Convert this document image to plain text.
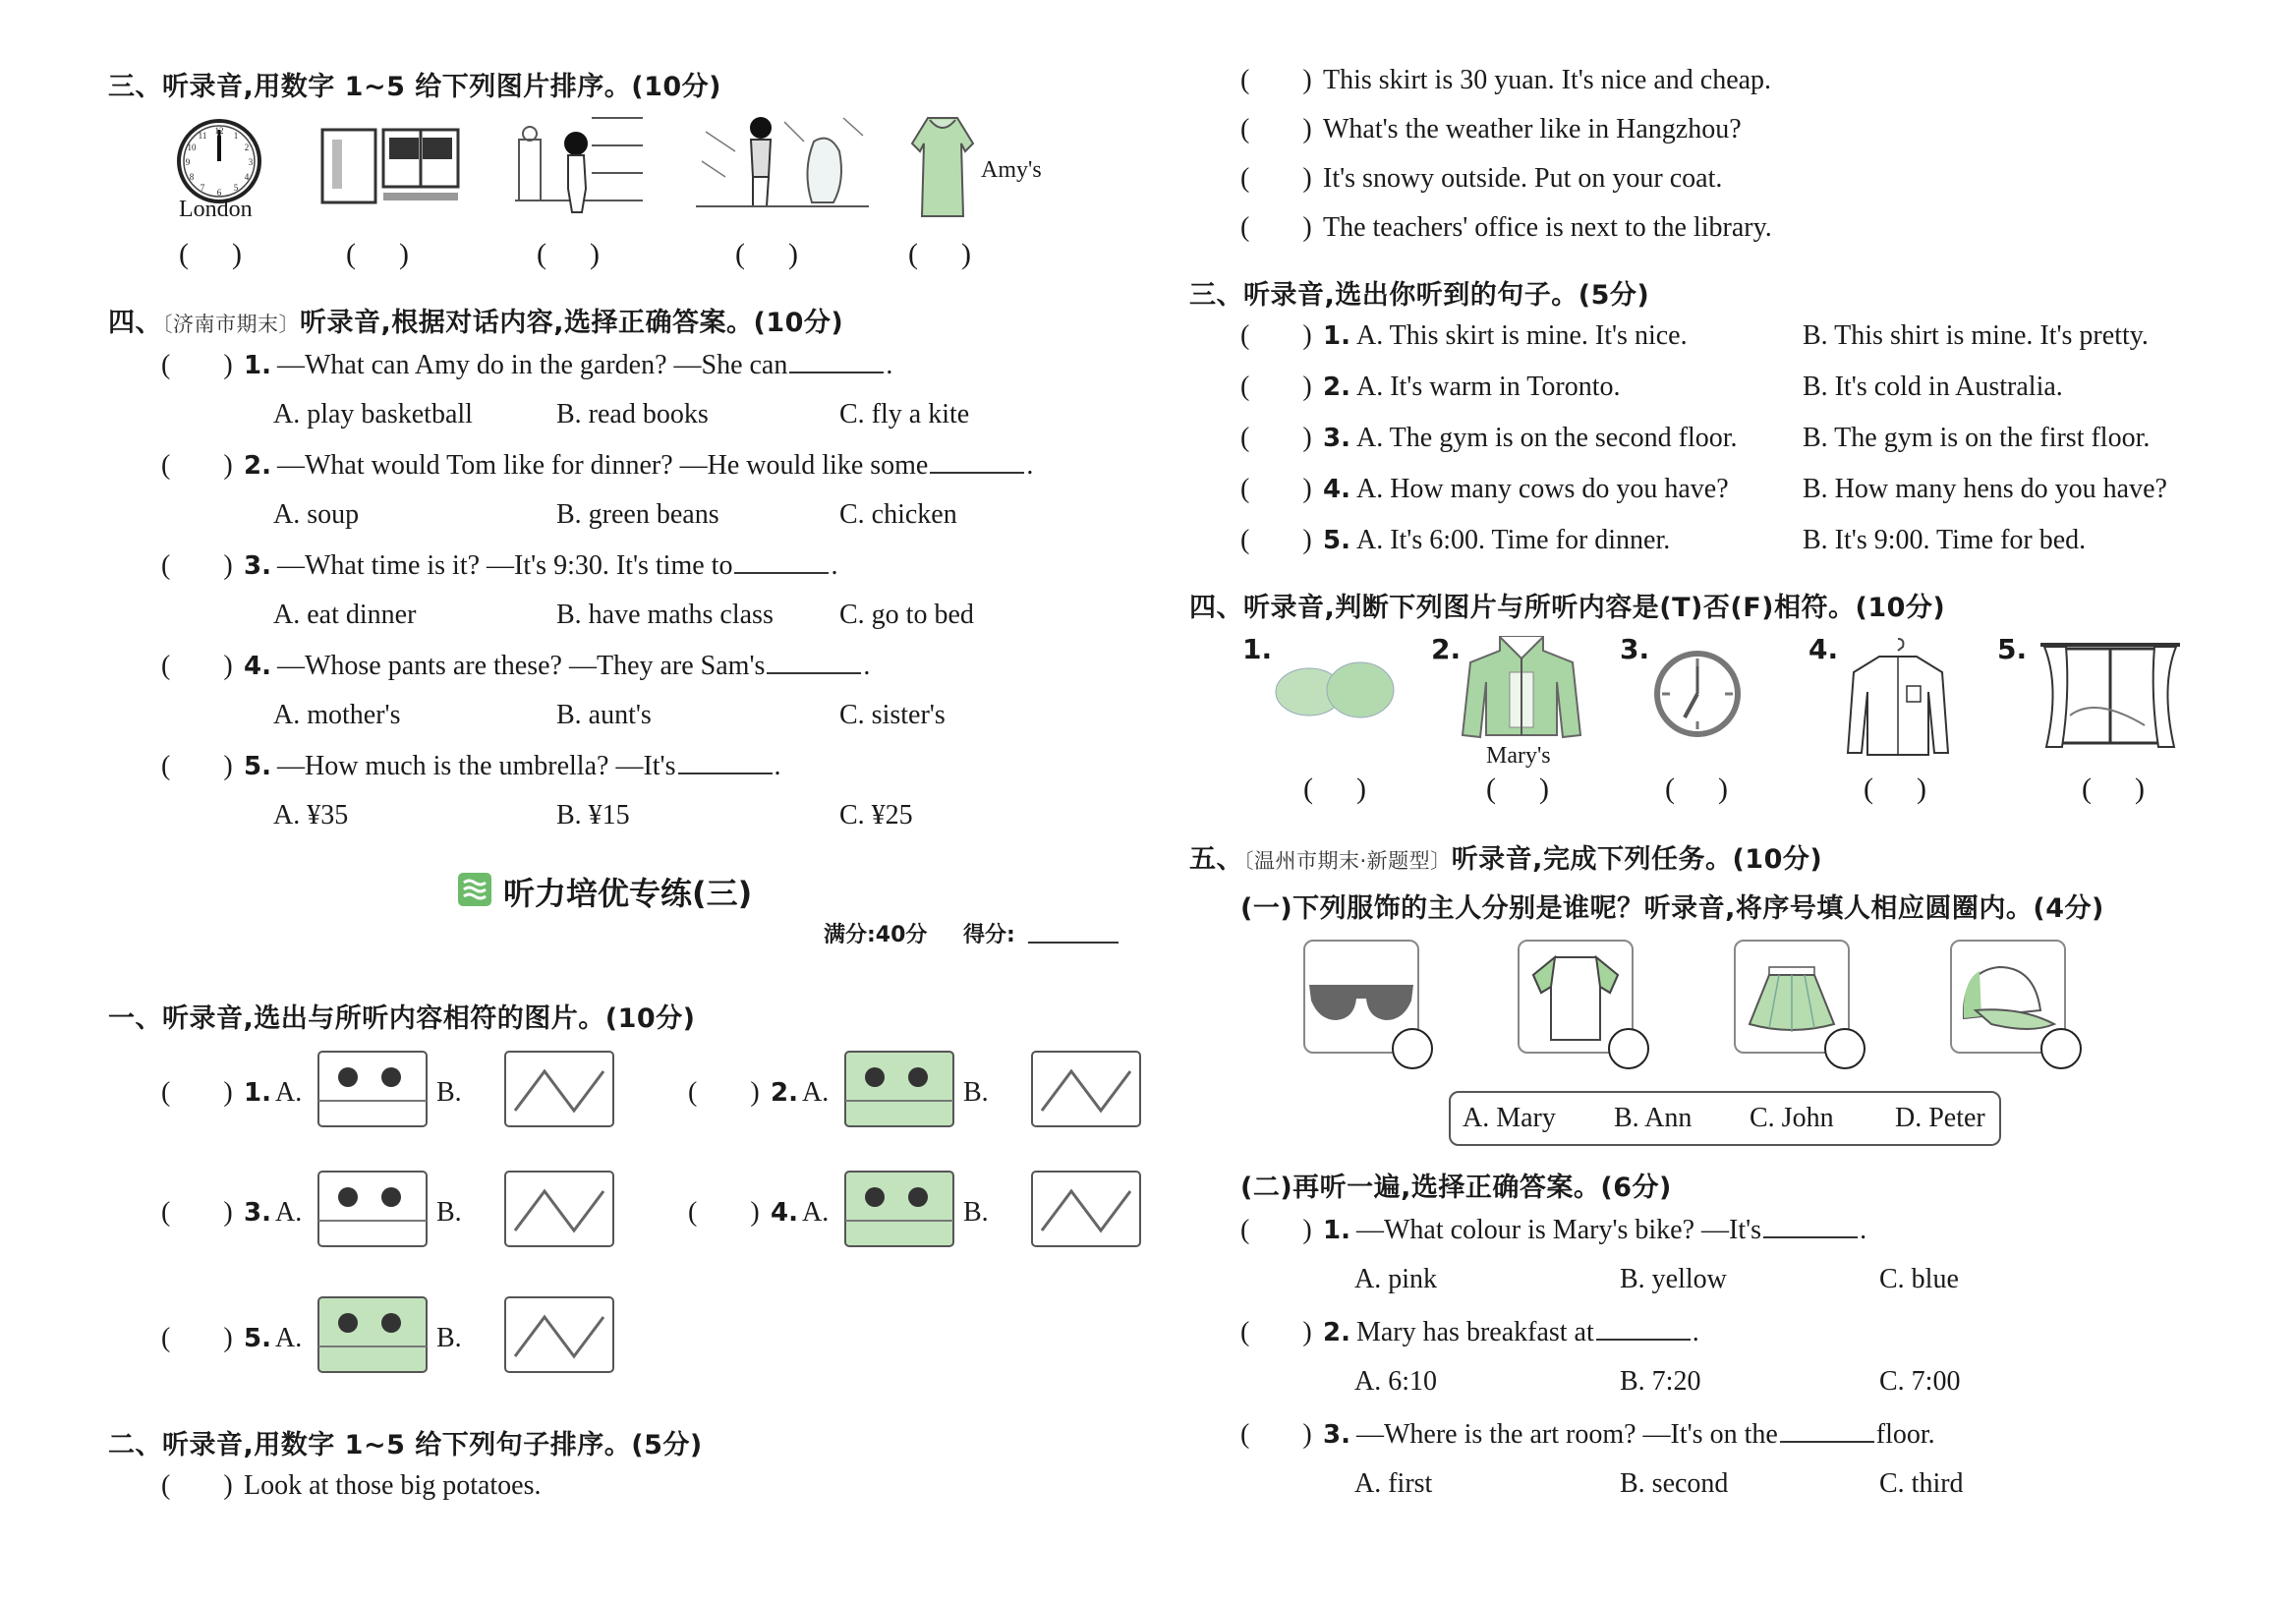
三、听录音,用数字 1~5 给下列图片排序。(10分)
12 1
2
3
4
5
6
7
8
9
10
11
London
Amy's
() ()	()	() ()
四、〔济南市期末〕听录音,根据对话内容,选择正确答案。(10分)
( ) 1. —What can Amy do in the garden? —She can	.
A. play basketball	B. read books	C. fly a kite
( ) 2. —What would Tom like for dinner? —He would like some	.
A. soup	B. green beans	C. chicken
( ) 3. —What time is it? —It's 9:30. It's time to	.
A. eat dinner	B. have maths class C. go to bed
( ) 4. —Whose pants are these? —They are Sam's	.
A. mother's	B. aunt's	C. sister's
( ) 5. —How much is the umbrella? —It's	.
A. ¥35	B. ¥15	C. ¥25
听力培优专练(三)
满分:40分 得分:
一、听录音,选出与所听内容相符的图片。(10分)
( ) 1. A.	B.	( ) 2. A.	B.
( ) 3. A.	B.	( ) 4. A.	B.
( ) 5. A.	B.
二、听录音,用数字 1~5 给下列句子排序。(5分)
( ) Look at those big potatoes.
( ) This skirt is 30 yuan. It's nice and cheap.
( ) What's the weather like in Hangzhou?
( ) It's snowy outside. Put on your coat.
( ) The teachers' office is next to the library.
三、听录音,选出你听到的句子。(5分)
( ) 1. A. This skirt is mine. It's nice.	B. This shirt is mine. It's pretty.
( ) 2. A. It's warm in Toronto.	B. It's cold in Australia.
( ) 3. A. The gym is on the second floor. B. The gym is on the first floor.
( ) 4. A. How many cows do you have?	B. How many hens do you have?
( ) 5. A. It's 6:00. Time for dinner.	B. It's 9:00. Time for bed.
四、听录音,判断下列图片与所听内容是(T)否(F)相符。(10分)
1.	2.
Mary's
3.	4.	5.
()	() ()	()	()
五、〔温州市期末·新题型〕听录音,完成下列任务。(10分)
(一)下列服饰的主人分别是谁呢？听录音,将序号填人相应圆圈内。(4分)
A. Mary B. Ann C. John D. Peter
(二)再听一遍,选择正确答案。(6分)
( ) 1. —What colour is Mary's bike? —It's	.
A. pink	B. yellow	C. blue
( ) 2. Mary has breakfast at	.
A. 6:10	B. 7:20	C. 7:00
( ) 3. —Where is the art room? —It's on the	floor.
A. first	B. second	C. third
